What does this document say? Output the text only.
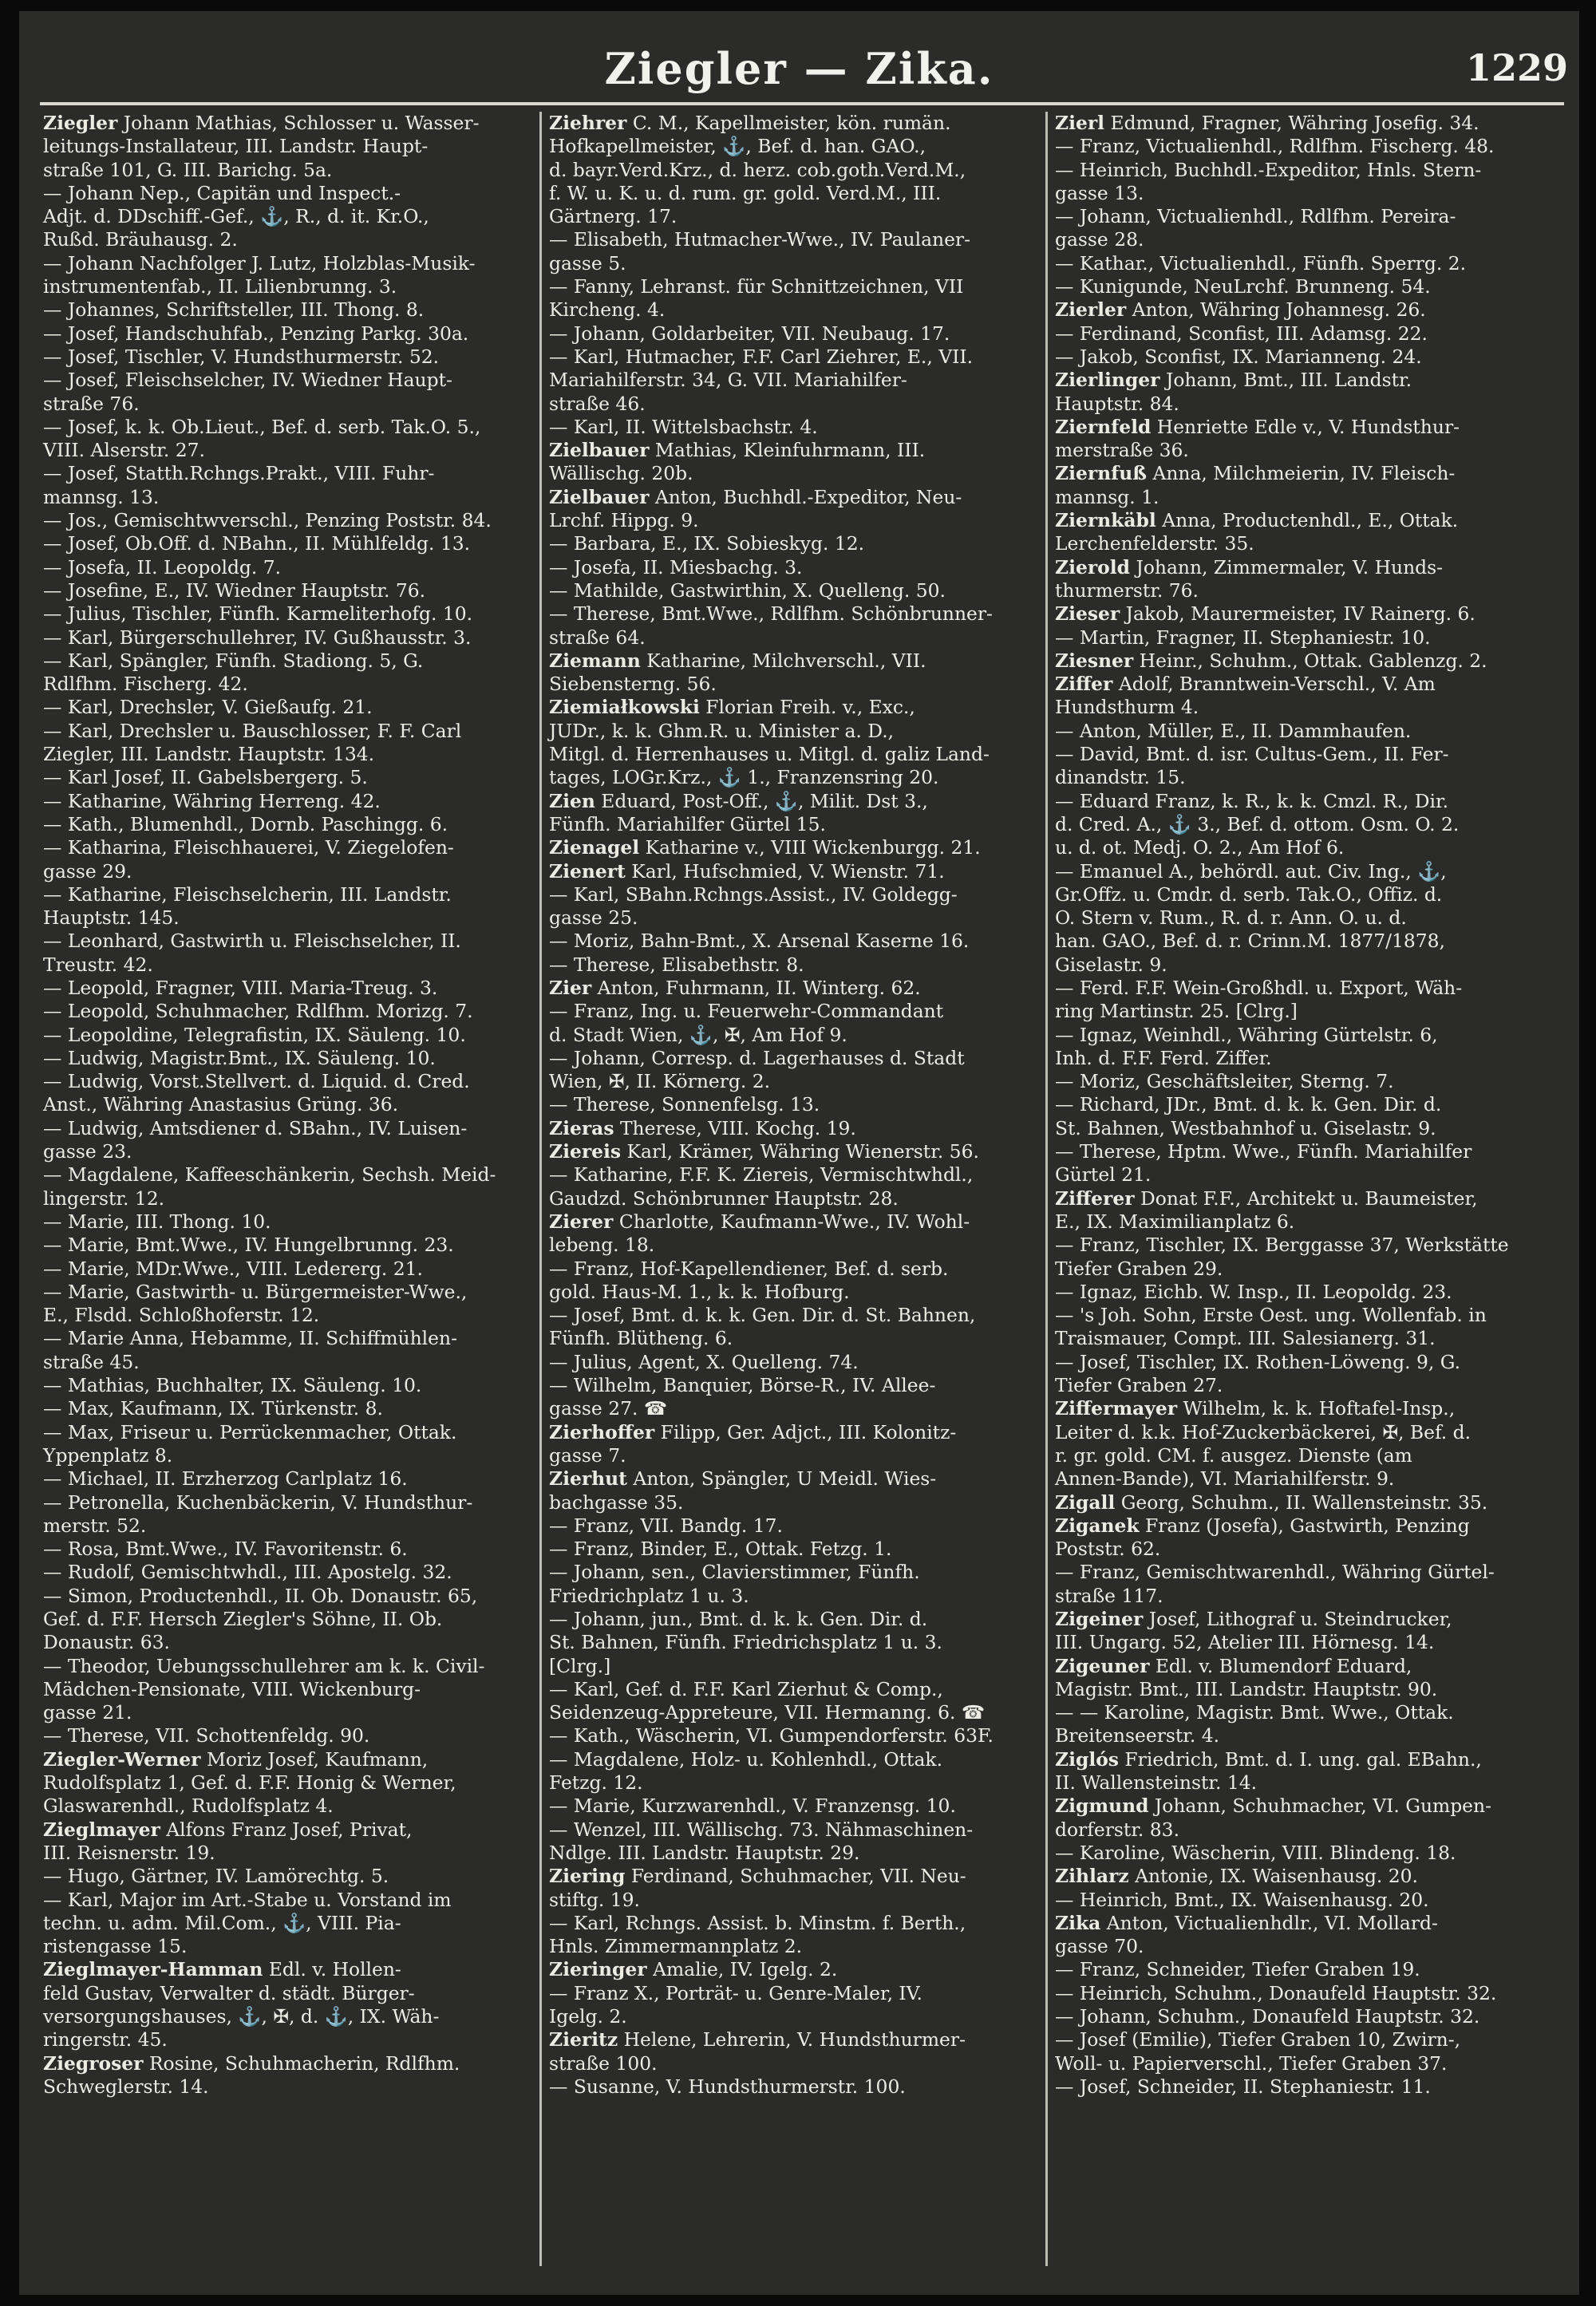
Ziegler — Zika.	1229
Ziegler Johann Mathias, Schlosser u. Wasser-
leitungs-Installateur, III. Landstr. Haupt-
straße 101, G. III. Barichg. 5a.
— Johann Nep., Capitän und Inspect.-
Adjt. d. DDschiff.-Gef., ⚓, R., d. it. Kr.O.,
Rußd. Bräuhausg. 2.
— Johann Nachfolger J. Lutz, Holzblas-Musik-
instrumentenfab., II. Lilienbrunng. 3.
— Johannes, Schriftsteller, III. Thong. 8.
— Josef, Handschuhfab., Penzing Parkg. 30a.
— Josef, Tischler, V. Hundsthurmerstr. 52.
— Josef, Fleischselcher, IV. Wiedner Haupt-
straße 76.
— Josef, k. k. Ob.Lieut., Bef. d. serb. Tak.O. 5.,
VIII. Alserstr. 27.
— Josef, Statth.Rchngs.Prakt., VIII. Fuhr-
mannsg. 13.
— Jos., Gemischtwverschl., Penzing Poststr. 84.
— Josef, Ob.Off. d. NBahn., II. Mühlfeldg. 13.
— Josefa, II. Leopoldg. 7.
— Josefine, E., IV. Wiedner Hauptstr. 76.
— Julius, Tischler, Fünfh. Karmeliterhofg. 10.
— Karl, Bürgerschullehrer, IV. Gußhausstr. 3.
— Karl, Spängler, Fünfh. Stadiong. 5, G.
Rdlfhm. Fischerg. 42.
— Karl, Drechsler, V. Gießaufg. 21.
— Karl, Drechsler u. Bauschlosser, F. F. Carl
Ziegler, III. Landstr. Hauptstr. 134.
— Karl Josef, II. Gabelsbergerg. 5.
— Katharine, Währing Herreng. 42.
— Kath., Blumenhdl., Dornb. Paschingg. 6.
— Katharina, Fleischhauerei, V. Ziegelofen-
gasse 29.
— Katharine, Fleischselcherin, III. Landstr.
Hauptstr. 145.
— Leonhard, Gastwirth u. Fleischselcher, II.
Treustr. 42.
— Leopold, Fragner, VIII. Maria-Treug. 3.
— Leopold, Schuhmacher, Rdlfhm. Morizg. 7.
— Leopoldine, Telegrafistin, IX. Säuleng. 10.
— Ludwig, Magistr.Bmt., IX. Säuleng. 10.
— Ludwig, Vorst.Stellvert. d. Liquid. d. Cred.
Anst., Währing Anastasius Grüng. 36.
— Ludwig, Amtsdiener d. SBahn., IV. Luisen-
gasse 23.
— Magdalene, Kaffeeschänkerin, Sechsh. Meid-
lingerstr. 12.
— Marie, III. Thong. 10.
— Marie, Bmt.Wwe., IV. Hungelbrunng. 23.
— Marie, MDr.Wwe., VIII. Ledererg. 21.
— Marie, Gastwirth- u. Bürgermeister-Wwe.,
E., Flsdd. Schloßhoferstr. 12.
— Marie Anna, Hebamme, II. Schiffmühlen-
straße 45.
— Mathias, Buchhalter, IX. Säuleng. 10.
— Max, Kaufmann, IX. Türkenstr. 8.
— Max, Friseur u. Perrückenmacher, Ottak.
Yppenplatz 8.
— Michael, II. Erzherzog Carlplatz 16.
— Petronella, Kuchenbäckerin, V. Hundsthur-
merstr. 52.
— Rosa, Bmt.Wwe., IV. Favoritenstr. 6.
— Rudolf, Gemischtwhdl., III. Apostelg. 32.
— Simon, Productenhdl., II. Ob. Donaustr. 65,
Gef. d. F.F. Hersch Ziegler's Söhne, II. Ob.
Donaustr. 63.
— Theodor, Uebungsschullehrer am k. k. Civil-
Mädchen-Pensionate, VIII. Wickenburg-
gasse 21.
— Therese, VII. Schottenfeldg. 90.
Ziegler-Werner Moriz Josef, Kaufmann,
Rudolfsplatz 1, Gef. d. F.F. Honig & Werner,
Glaswarenhdl., Rudolfsplatz 4.
Zieglmayer Alfons Franz Josef, Privat,
III. Reisnerstr. 19.
— Hugo, Gärtner, IV. Lamörechtg. 5.
— Karl, Major im Art.-Stabe u. Vorstand im
techn. u. adm. Mil.Com., ⚓, VIII. Pia-
ristengasse 15.
Zieglmayer-Hamman Edl. v. Hollen-
feld Gustav, Verwalter d. städt. Bürger-
versorgungshauses, ⚓, ✠, d. ⚓, IX. Wäh-
ringerstr. 45.
Ziegroser Rosine, Schuhmacherin, Rdlfhm.
Schweglerstr. 14.
Ziehrer C. M., Kapellmeister, kön. rumän.
Hofkapellmeister, ⚓, Bef. d. han. GAO.,
d. bayr.Verd.Krz., d. herz. cob.goth.Verd.M.,
f. W. u. K. u. d. rum. gr. gold. Verd.M., III.
Gärtnerg. 17.
— Elisabeth, Hutmacher-Wwe., IV. Paulaner-
gasse 5.
— Fanny, Lehranst. für Schnittzeichnen, VII
Kircheng. 4.
— Johann, Goldarbeiter, VII. Neubaug. 17.
— Karl, Hutmacher, F.F. Carl Ziehrer, E., VII.
Mariahilferstr. 34, G. VII. Mariahilfer-
straße 46.
— Karl, II. Wittelsbachstr. 4.
Zielbauer Mathias, Kleinfuhrmann, III.
Wällischg. 20b.
Zielbauer Anton, Buchhdl.-Expeditor, Neu-
Lrchf. Hippg. 9.
— Barbara, E., IX. Sobieskyg. 12.
— Josefa, II. Miesbachg. 3.
— Mathilde, Gastwirthin, X. Quelleng. 50.
— Therese, Bmt.Wwe., Rdlfhm. Schönbrunner-
straße 64.
Ziemann Katharine, Milchverschl., VII.
Siebensterng. 56.
Ziemiałkowski Florian Freih. v., Exc.,
JUDr., k. k. Ghm.R. u. Minister a. D.,
Mitgl. d. Herrenhauses u. Mitgl. d. galiz Land-
tages, LOGr.Krz., ⚓ 1., Franzensring 20.
Zien Eduard, Post-Off., ⚓, Milit. Dst 3.,
Fünfh. Mariahilfer Gürtel 15.
Zienagel Katharine v., VIII Wickenburgg. 21.
Zienert Karl, Hufschmied, V. Wienstr. 71.
— Karl, SBahn.Rchngs.Assist., IV. Goldegg-
gasse 25.
— Moriz, Bahn-Bmt., X. Arsenal Kaserne 16.
— Therese, Elisabethstr. 8.
Zier Anton, Fuhrmann, II. Winterg. 62.
— Franz, Ing. u. Feuerwehr-Commandant
d. Stadt Wien, ⚓, ✠, Am Hof 9.
— Johann, Corresp. d. Lagerhauses d. Stadt
Wien, ✠, II. Körnerg. 2.
— Therese, Sonnenfelsg. 13.
Zieras Therese, VIII. Kochg. 19.
Ziereis Karl, Krämer, Währing Wienerstr. 56.
— Katharine, F.F. K. Ziereis, Vermischtwhdl.,
Gaudzd. Schönbrunner Hauptstr. 28.
Zierer Charlotte, Kaufmann-Wwe., IV. Wohl-
lebeng. 18.
— Franz, Hof-Kapellendiener, Bef. d. serb.
gold. Haus-M. 1., k. k. Hofburg.
— Josef, Bmt. d. k. k. Gen. Dir. d. St. Bahnen,
Fünfh. Blütheng. 6.
— Julius, Agent, X. Quelleng. 74.
— Wilhelm, Banquier, Börse-R., IV. Allee-
gasse 27. ☎
Zierhoffer Filipp, Ger. Adjct., III. Kolonitz-
gasse 7.
Zierhut Anton, Spängler, U Meidl. Wies-
bachgasse 35.
— Franz, VII. Bandg. 17.
— Franz, Binder, E., Ottak. Fetzg. 1.
— Johann, sen., Clavierstimmer, Fünfh.
Friedrichplatz 1 u. 3.
— Johann, jun., Bmt. d. k. k. Gen. Dir. d.
St. Bahnen, Fünfh. Friedrichsplatz 1 u. 3.
[Clrg.]
— Karl, Gef. d. F.F. Karl Zierhut & Comp.,
Seidenzeug-Appreteure, VII. Hermanng. 6. ☎
— Kath., Wäscherin, VI. Gumpendorferstr. 63F.
— Magdalene, Holz- u. Kohlenhdl., Ottak.
Fetzg. 12.
— Marie, Kurzwarenhdl., V. Franzensg. 10.
— Wenzel, III. Wällischg. 73. Nähmaschinen-
Ndlge. III. Landstr. Hauptstr. 29.
Ziering Ferdinand, Schuhmacher, VII. Neu-
stiftg. 19.
— Karl, Rchngs. Assist. b. Minstm. f. Berth.,
Hnls. Zimmermannplatz 2.
Zieringer Amalie, IV. Igelg. 2.
— Franz X., Porträt- u. Genre-Maler, IV.
Igelg. 2.
Zieritz Helene, Lehrerin, V. Hundsthurmer-
straße 100.
— Susanne, V. Hundsthurmerstr. 100.
Zierl Edmund, Fragner, Währing Josefig. 34.
— Franz, Victualienhdl., Rdlfhm. Fischerg. 48.
— Heinrich, Buchhdl.-Expeditor, Hnls. Stern-
gasse 13.
— Johann, Victualienhdl., Rdlfhm. Pereira-
gasse 28.
— Kathar., Victualienhdl., Fünfh. Sperrg. 2.
— Kunigunde, NeuLrchf. Brunneng. 54.
Zierler Anton, Währing Johannesg. 26.
— Ferdinand, Sconfist, III. Adamsg. 22.
— Jakob, Sconfist, IX. Marianneng. 24.
Zierlinger Johann, Bmt., III. Landstr.
Hauptstr. 84.
Ziernfeld Henriette Edle v., V. Hundsthur-
merstraße 36.
Ziernfuß Anna, Milchmeierin, IV. Fleisch-
mannsg. 1.
Ziernkäbl Anna, Productenhdl., E., Ottak.
Lerchenfelderstr. 35.
Zierold Johann, Zimmermaler, V. Hunds-
thurmerstr. 76.
Zieser Jakob, Maurermeister, IV Rainerg. 6.
— Martin, Fragner, II. Stephaniestr. 10.
Ziesner Heinr., Schuhm., Ottak. Gablenzg. 2.
Ziffer Adolf, Branntwein-Verschl., V. Am
Hundsthurm 4.
— Anton, Müller, E., II. Dammhaufen.
— David, Bmt. d. isr. Cultus-Gem., II. Fer-
dinandstr. 15.
— Eduard Franz, k. R., k. k. Cmzl. R., Dir.
d. Cred. A., ⚓ 3., Bef. d. ottom. Osm. O. 2.
u. d. ot. Medj. O. 2., Am Hof 6.
— Emanuel A., behördl. aut. Civ. Ing., ⚓,
Gr.Offz. u. Cmdr. d. serb. Tak.O., Offiz. d.
O. Stern v. Rum., R. d. r. Ann. O. u. d.
han. GAO., Bef. d. r. Crinn.M. 1877/1878,
Giselastr. 9.
— Ferd. F.F. Wein-Großhdl. u. Export, Wäh-
ring Martinstr. 25. [Clrg.]
— Ignaz, Weinhdl., Währing Gürtelstr. 6,
Inh. d. F.F. Ferd. Ziffer.
— Moriz, Geschäftsleiter, Sterng. 7.
— Richard, JDr., Bmt. d. k. k. Gen. Dir. d.
St. Bahnen, Westbahnhof u. Giselastr. 9.
— Therese, Hptm. Wwe., Fünfh. Mariahilfer
Gürtel 21.
Zifferer Donat F.F., Architekt u. Baumeister,
E., IX. Maximilianplatz 6.
— Franz, Tischler, IX. Berggasse 37, Werkstätte
Tiefer Graben 29.
— Ignaz, Eichb. W. Insp., II. Leopoldg. 23.
— 's Joh. Sohn, Erste Oest. ung. Wollenfab. in
Traismauer, Compt. III. Salesianerg. 31.
— Josef, Tischler, IX. Rothen-Löweng. 9, G.
Tiefer Graben 27.
Ziffermayer Wilhelm, k. k. Hoftafel-Insp.,
Leiter d. k.k. Hof-Zuckerbäckerei, ✠, Bef. d.
r. gr. gold. CM. f. ausgez. Dienste (am
Annen-Bande), VI. Mariahilferstr. 9.
Zigall Georg, Schuhm., II. Wallensteinstr. 35.
Ziganek Franz (Josefa), Gastwirth, Penzing
Poststr. 62.
— Franz, Gemischtwarenhdl., Währing Gürtel-
straße 117.
Zigeiner Josef, Lithograf u. Steindrucker,
III. Ungarg. 52, Atelier III. Hörnesg. 14.
Zigeuner Edl. v. Blumendorf Eduard,
Magistr. Bmt., III. Landstr. Hauptstr. 90.
— — Karoline, Magistr. Bmt. Wwe., Ottak.
Breitenseerstr. 4.
Ziglós Friedrich, Bmt. d. I. ung. gal. EBahn.,
II. Wallensteinstr. 14.
Zigmund Johann, Schuhmacher, VI. Gumpen-
dorferstr. 83.
— Karoline, Wäscherin, VIII. Blindeng. 18.
Zihlarz Antonie, IX. Waisenhausg. 20.
— Heinrich, Bmt., IX. Waisenhausg. 20.
Zika Anton, Victualienhdlr., VI. Mollard-
gasse 70.
— Franz, Schneider, Tiefer Graben 19.
— Heinrich, Schuhm., Donaufeld Hauptstr. 32.
— Johann, Schuhm., Donaufeld Hauptstr. 32.
— Josef (Emilie), Tiefer Graben 10, Zwirn-,
Woll- u. Papierverschl., Tiefer Graben 37.
— Josef, Schneider, II. Stephaniestr. 11.
